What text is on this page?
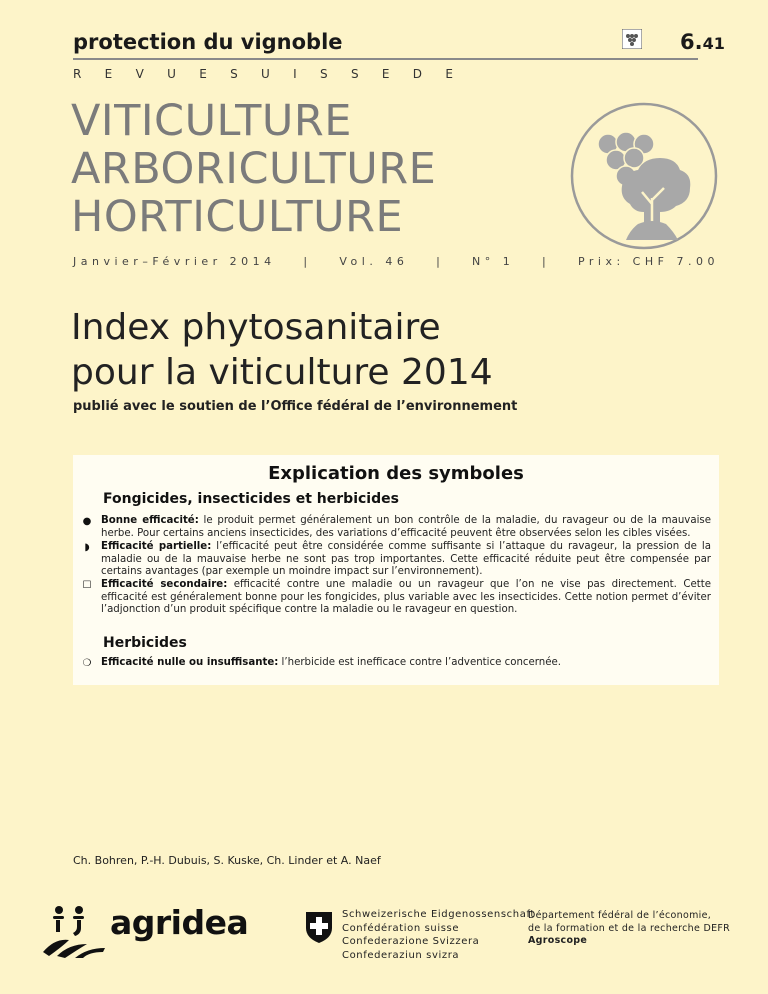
protection du vignoble	6.41
R E V U E S U I S S E D E
VITICULTURE
ARBORICULTURE
HORTICULTURE
Janvier–Février 2014	|	Vol. 46	|	N° 1	|	Prix: CHF 7.00
Index phytosanitaire
pour la viticulture 2014
publié avec le soutien de l’Office fédéral de l’environnement
Explication des symboles
Fongicides, insecticides et herbicides
● Bonne efficacité: le produit permet généralement un bon contrôle de la maladie, du ravageur ou de la mauvaise herbe. Pour certains anciens insecticides, des variations d’efficacité peuvent être observées selon les cibles visées.
◗	Efficacité partielle: l’efficacité peut être considérée comme suffisante si l’attaque du ravageur, la pression de la maladie ou de la mauvaise herbe ne sont pas trop importantes. Cette efficacité réduite peut être compensée par certains avantages (par exemple un moindre impact sur l’environnement).
☐ Efficacité secondaire: efficacité contre une maladie ou un ravageur que l’on ne vise pas directement. Cette efficacité est généralement bonne pour les fongicides, plus variable avec les insecticides. Cette notion permet d’éviter l’adjonction d’un produit spécifique contre la maladie ou le ravageur en question.
Herbicides
❍ Efficacité nulle ou insuffisante: l’herbicide est inefficace contre l’adventice concernée.
Ch. Bohren, P.-H. Dubuis, S. Kuske, Ch. Linder et A. Naef
agridea	Schweizerische Eidgenossenschaft
Confédération suisse
Confederazione Svizzera
Confederaziun svizra
Département fédéral de l’économie,
de la formation et de la recherche DEFR
Agroscope
